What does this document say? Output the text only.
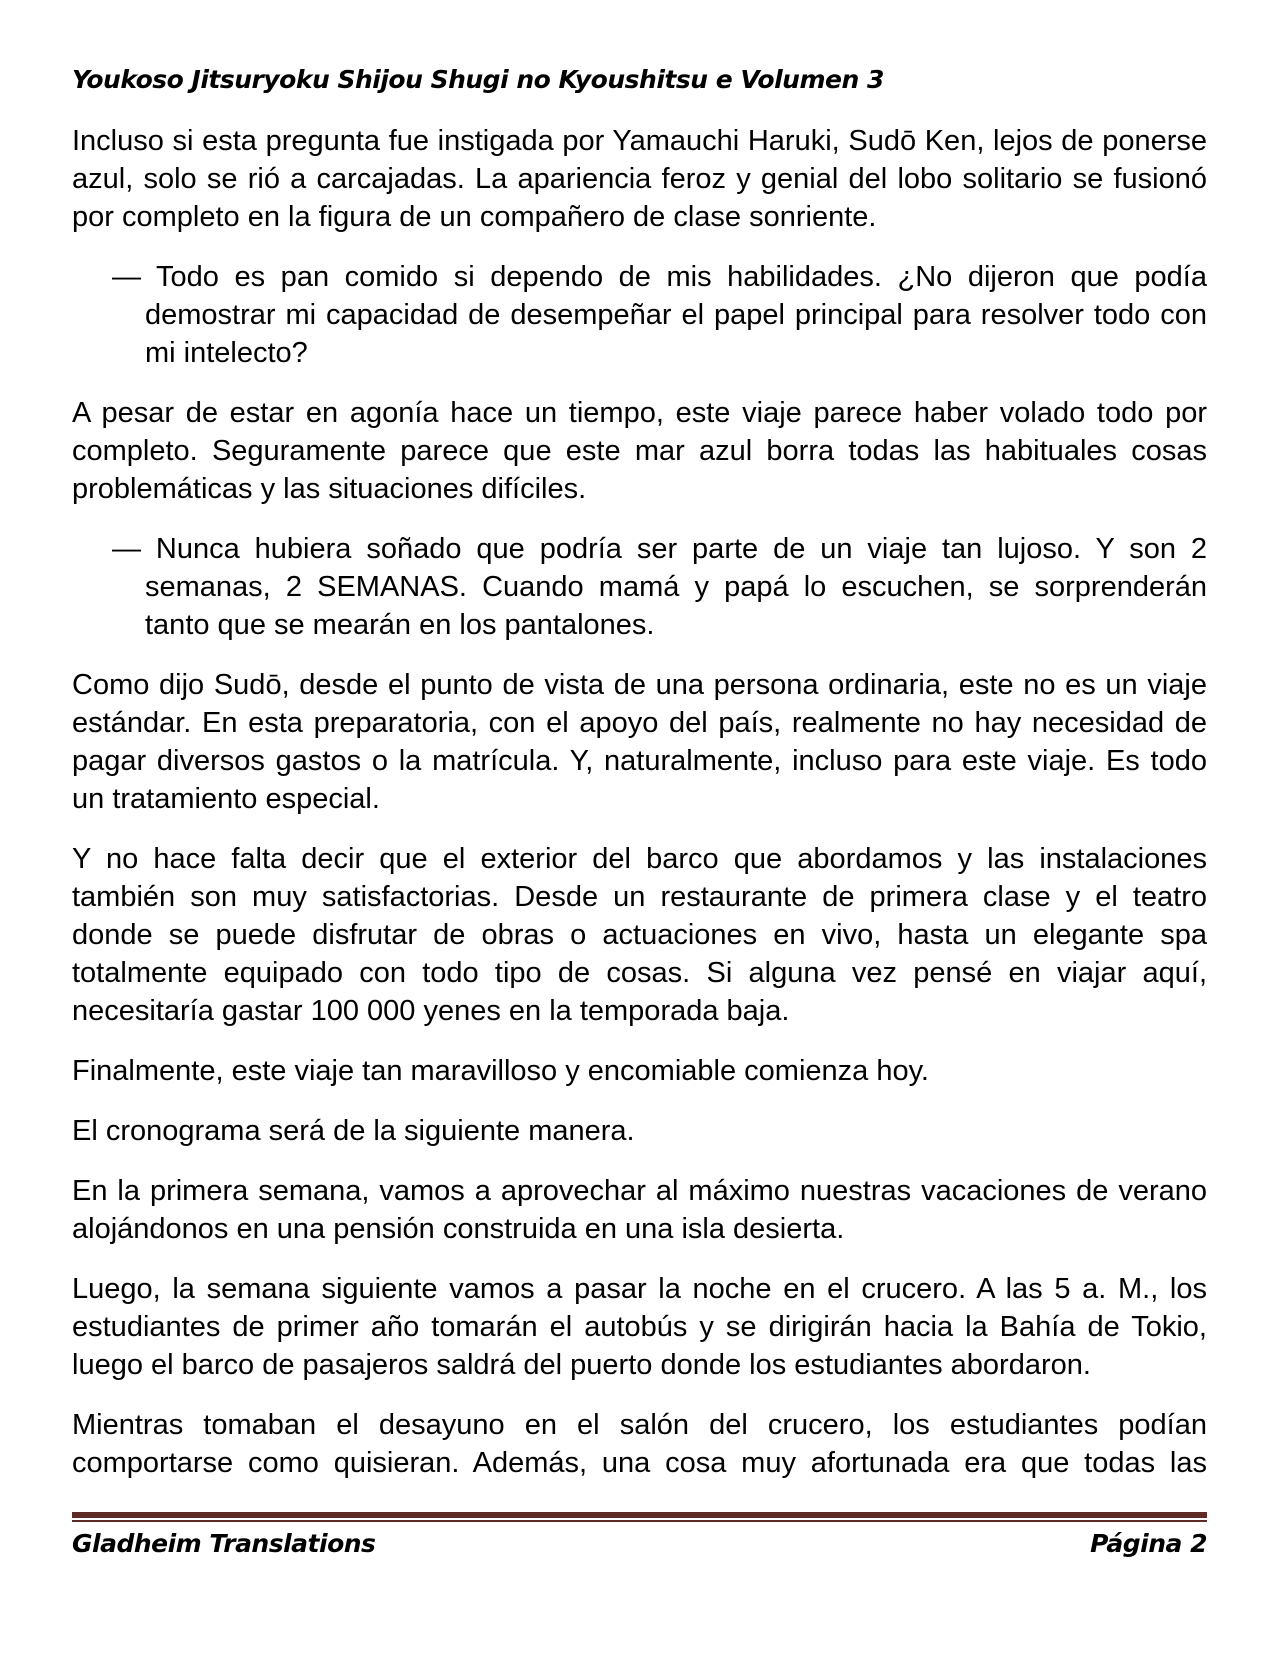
Youkoso Jitsuryoku Shijou Shugi no Kyoushitsu e Volumen 3

Incluso si esta pregunta fue instigada por Yamauchi Haruki, Sudō Ken, lejos de ponerse azul, solo se rió a carcajadas. La apariencia feroz y genial del lobo solitario se fusionó por completo en la figura de un compañero de clase sonriente.

— Todo es pan comido si dependo de mis habilidades. ¿No dijeron que podía demostrar mi capacidad de desempeñar el papel principal para resolver todo con mi intelecto?

A pesar de estar en agonía hace un tiempo, este viaje parece haber volado todo por completo. Seguramente parece que este mar azul borra todas las habituales cosas problemáticas y las situaciones difíciles.

— Nunca hubiera soñado que podría ser parte de un viaje tan lujoso. Y son 2 semanas, 2 SEMANAS. Cuando mamá y papá lo escuchen, se sorprenderán tanto que se mearán en los pantalones.

Como dijo Sudō, desde el punto de vista de una persona ordinaria, este no es un viaje estándar. En esta preparatoria, con el apoyo del país, realmente no hay necesidad de pagar diversos gastos o la matrícula. Y, naturalmente, incluso para este viaje. Es todo un tratamiento especial.

Y no hace falta decir que el exterior del barco que abordamos y las instalaciones también son muy satisfactorias. Desde un restaurante de primera clase y el teatro donde se puede disfrutar de obras o actuaciones en vivo, hasta un elegante spa totalmente equipado con todo tipo de cosas. Si alguna vez pensé en viajar aquí, necesitaría gastar 100 000 yenes en la temporada baja.

Finalmente, este viaje tan maravilloso y encomiable comienza hoy.

El cronograma será de la siguiente manera.

En la primera semana, vamos a aprovechar al máximo nuestras vacaciones de verano alojándonos en una pensión construida en una isla desierta.

Luego, la semana siguiente vamos a pasar la noche en el crucero. A las 5 a. M., los estudiantes de primer año tomarán el autobús y se dirigirán hacia la Bahía de Tokio, luego el barco de pasajeros saldrá del puerto donde los estudiantes abordaron.

Mientras tomaban el desayuno en el salón del crucero, los estudiantes podían comportarse como quisieran. Además, una cosa muy afortunada era que todas las

Gladheim Translations	Página 2
